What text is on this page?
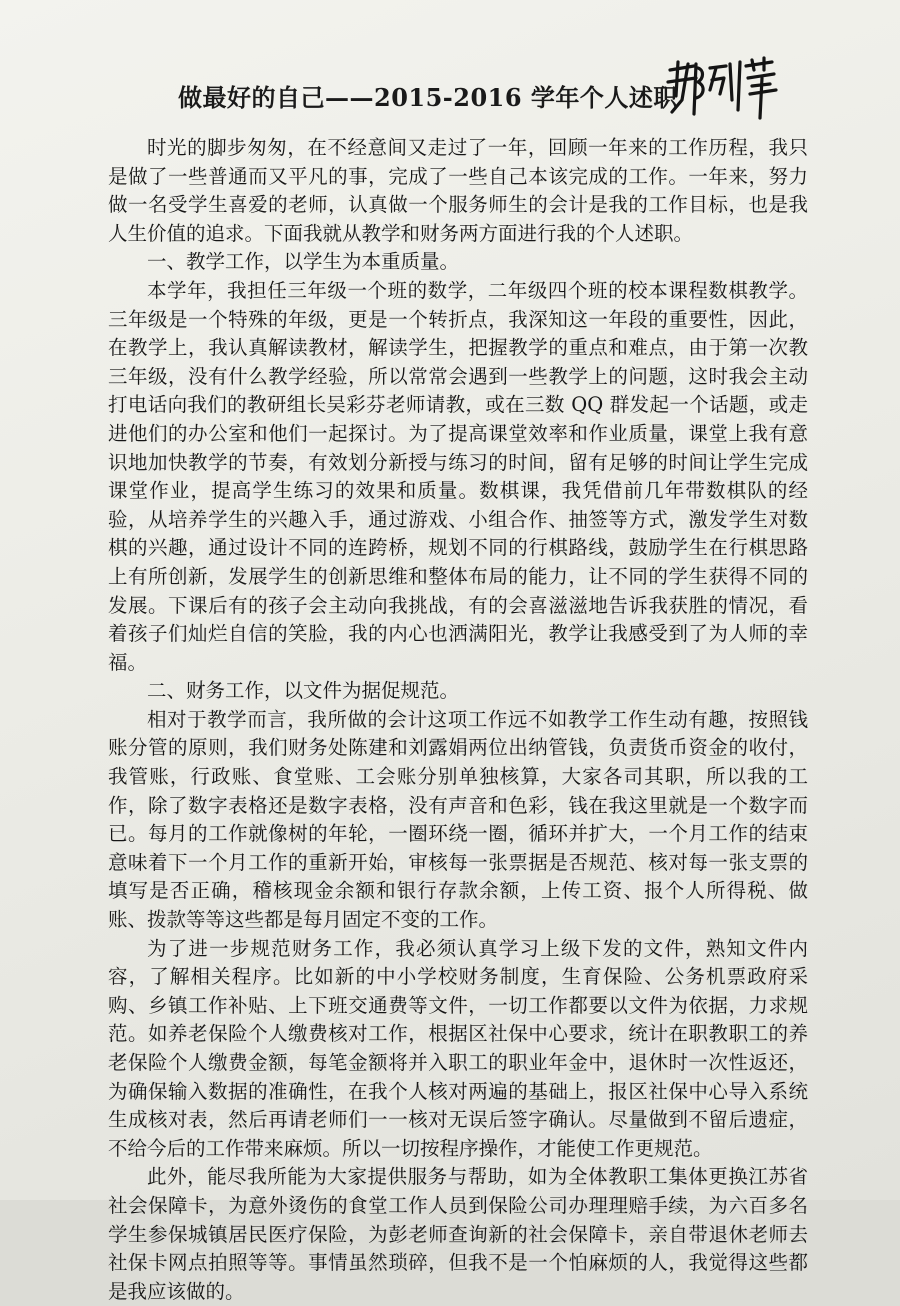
做最好的自己——2015-2016 学年个人述职

时光的脚步匆匆，在不经意间又走过了一年，回顾一年来的工作历程，我只是做了一些普通而又平凡的事，完成了一些自己本该完成的工作。一年来，努力做一名受学生喜爱的老师，认真做一个服务师生的会计是我的工作目标，也是我人生价值的追求。下面我就从教学和财务两方面进行我的个人述职。

一、教学工作，以学生为本重质量。

本学年，我担任三年级一个班的数学，二年级四个班的校本课程数棋教学。三年级是一个特殊的年级，更是一个转折点，我深知这一年段的重要性，因此，在教学上，我认真解读教材，解读学生，把握教学的重点和难点，由于第一次教三年级，没有什么教学经验，所以常常会遇到一些教学上的问题，这时我会主动打电话向我们的教研组长吴彩芬老师请教，或在三数 QQ 群发起一个话题，或走进他们的办公室和他们一起探讨。为了提高课堂效率和作业质量，课堂上我有意识地加快教学的节奏，有效划分新授与练习的时间，留有足够的时间让学生完成课堂作业，提高学生练习的效果和质量。数棋课，我凭借前几年带数棋队的经验，从培养学生的兴趣入手，通过游戏、小组合作、抽签等方式，激发学生对数棋的兴趣，通过设计不同的连跨桥，规划不同的行棋路线，鼓励学生在行棋思路上有所创新，发展学生的创新思维和整体布局的能力，让不同的学生获得不同的发展。下课后有的孩子会主动向我挑战，有的会喜滋滋地告诉我获胜的情况，看着孩子们灿烂自信的笑脸，我的内心也洒满阳光，教学让我感受到了为人师的幸福。

二、财务工作，以文件为据促规范。

相对于教学而言，我所做的会计这项工作远不如教学工作生动有趣，按照钱账分管的原则，我们财务处陈建和刘露娟两位出纳管钱，负责货币资金的收付，我管账，行政账、食堂账、工会账分别单独核算，大家各司其职，所以我的工作，除了数字表格还是数字表格，没有声音和色彩，钱在我这里就是一个数字而已。每月的工作就像树的年轮，一圈环绕一圈，循环并扩大，一个月工作的结束意味着下一个月工作的重新开始，审核每一张票据是否规范、核对每一张支票的填写是否正确，稽核现金余额和银行存款余额，上传工资、报个人所得税、做账、拨款等等这些都是每月固定不变的工作。

为了进一步规范财务工作，我必须认真学习上级下发的文件，熟知文件内容，了解相关程序。比如新的中小学校财务制度，生育保险、公务机票政府采购、乡镇工作补贴、上下班交通费等文件，一切工作都要以文件为依据，力求规范。如养老保险个人缴费核对工作，根据区社保中心要求，统计在职教职工的养老保险个人缴费金额，每笔金额将并入职工的职业年金中，退休时一次性返还，为确保输入数据的准确性，在我个人核对两遍的基础上，报区社保中心导入系统生成核对表，然后再请老师们一一核对无误后签字确认。尽量做到不留后遗症，不给今后的工作带来麻烦。所以一切按程序操作，才能使工作更规范。

此外，能尽我所能为大家提供服务与帮助，如为全体教职工集体更换江苏省社会保障卡，为意外烫伤的食堂工作人员到保险公司办理理赔手续，为六百多名学生参保城镇居民医疗保险，为彭老师查询新的社会保障卡，亲自带退休老师去社保卡网点拍照等等。事情虽然琐碎，但我不是一个怕麻烦的人，我觉得这些都是我应该做的。
